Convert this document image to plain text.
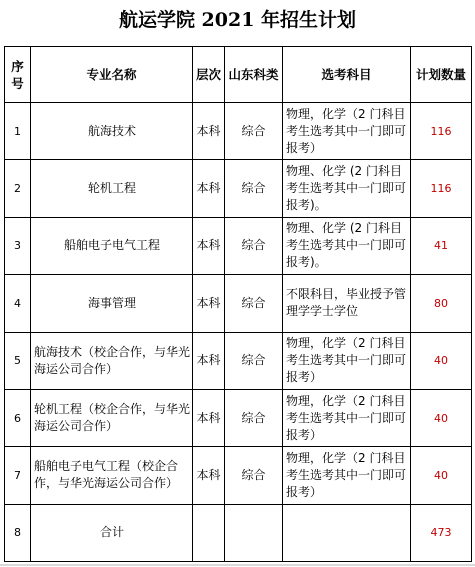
航运学院 2021 年招生计划
序号	专业名称	层次	山东科类	选考科目	计划数量
1	航海技术	本科	综合	物理，化学（2 门科目考生选考其中一门即可报考）	116
2	轮机工程	本科	综合	物理、化学 (2 门科目考生选考其中一门即可报考)。	116
3	船舶电子电气工程	本科	综合	物理、化学 (2 门科目考生选考其中一门即可报考)。	41
4	海事管理	本科	综合	不限科目，毕业授予管理学学士学位	80
5	航海技术（校企合作，与华光海运公司合作）	本科	综合	物理，化学（2 门科目考生选考其中一门即可报考）	40
6	轮机工程（校企合作，与华光海运公司合作）	本科	综合	物理，化学（2 门科目考生选考其中一门即可报考）	40
7	船舶电子电气工程（校企合作，与华光海运公司合作）	本科	综合	物理，化学（2 门科目考生选考其中一门即可报考）	40
8	合计				473
